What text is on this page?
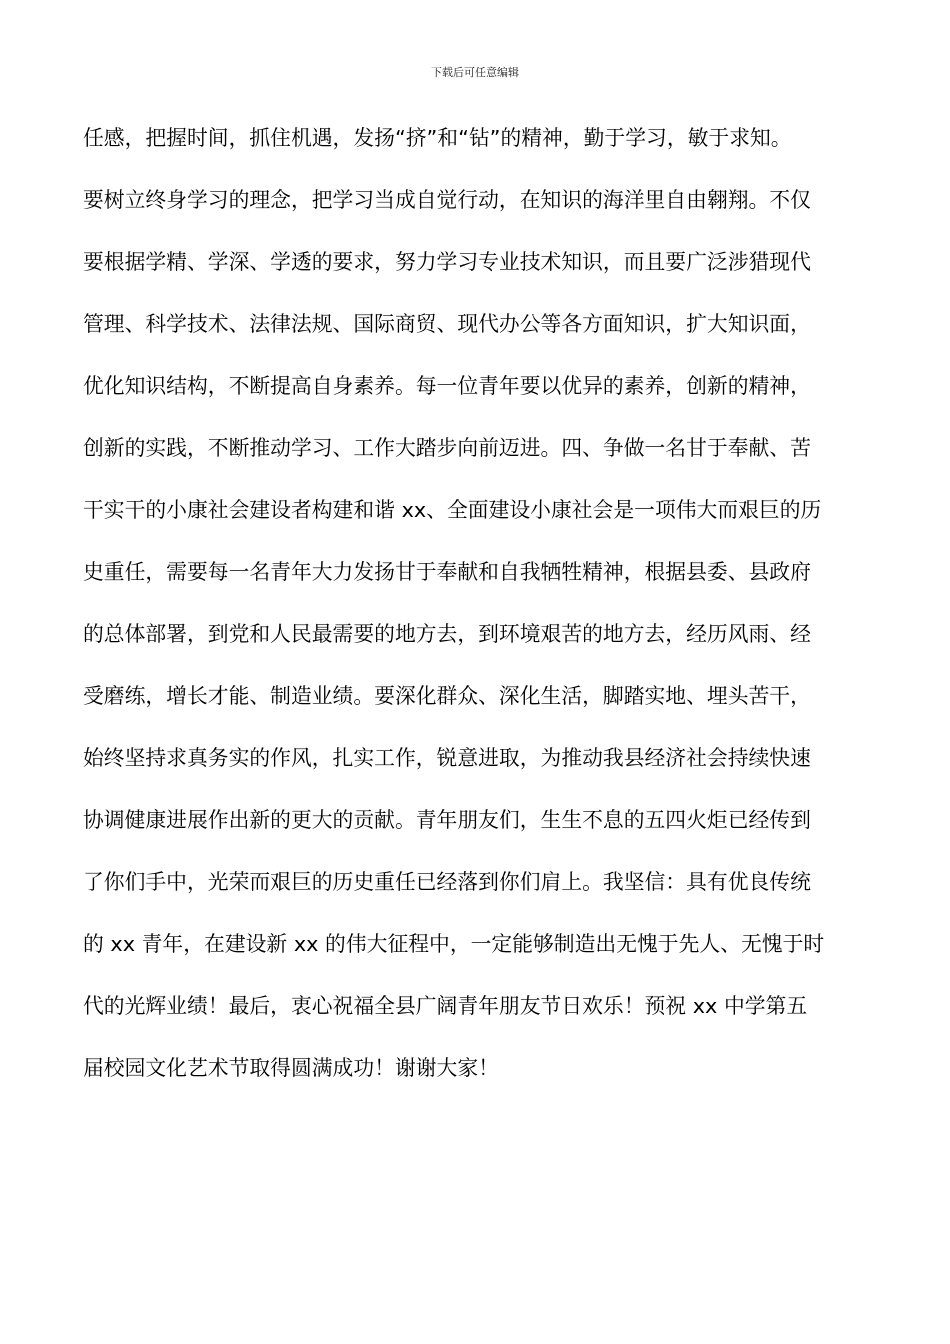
下载后可任意编辑
任感，把握时间，抓住机遇，发扬“挤”和“钻”的精神，勤于学习，敏于求知。
要树立终身学习的理念，把学习当成自觉行动，在知识的海洋里自由翱翔。不仅
要根据学精、学深、学透的要求，努力学习专业技术知识，而且要广泛涉猎现代
管理、科学技术、法律法规、国际商贸、现代办公等各方面知识，扩大知识面，
优化知识结构，不断提高自身素养。每一位青年要以优异的素养，创新的精神，
创新的实践，不断推动学习、工作大踏步向前迈进。四、争做一名甘于奉献、苦
干实干的小康社会建设者构建和谐 xx、全面建设小康社会是一项伟大而艰巨的历
史重任，需要每一名青年大力发扬甘于奉献和自我牺牲精神，根据县委、县政府
的总体部署，到党和人民最需要的地方去，到环境艰苦的地方去，经历风雨、经
受磨练，增长才能、制造业绩。要深化群众、深化生活，脚踏实地、埋头苦干，
始终坚持求真务实的作风，扎实工作，锐意进取，为推动我县经济社会持续快速
协调健康进展作出新的更大的贡献。青年朋友们，生生不息的五四火炬已经传到
了你们手中，光荣而艰巨的历史重任已经落到你们肩上。我坚信：具有优良传统
的 xx 青年，在建设新 xx 的伟大征程中，一定能够制造出无愧于先人、无愧于时
代的光辉业绩！最后，衷心祝福全县广阔青年朋友节日欢乐！预祝 xx 中学第五
届校园文化艺术节取得圆满成功！谢谢大家！
